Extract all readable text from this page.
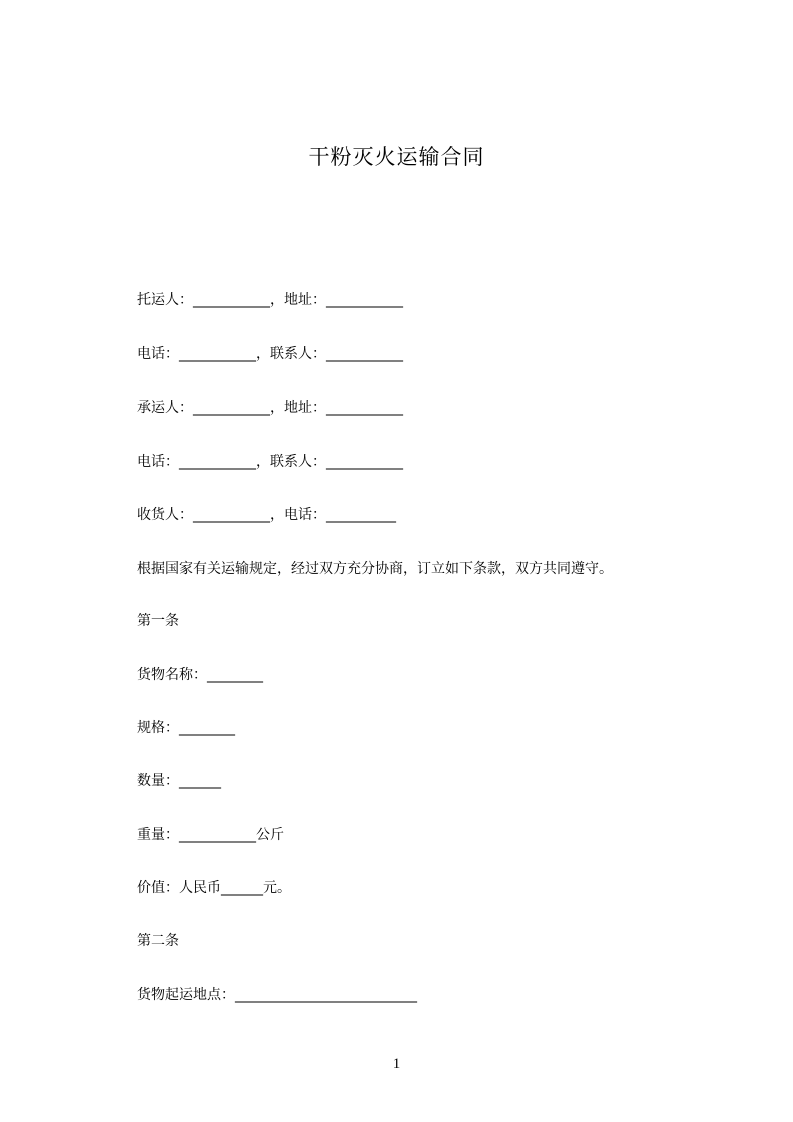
干粉灭火运输合同
托运人：___________，地址：___________
电话：___________，联系人：___________
承运人：___________，地址：___________
电话：___________，联系人：___________
收货人：___________，电话：__________
根据国家有关运输规定，经过双方充分协商，订立如下条款，双方共同遵守。
第一条
货物名称：________
规格：________
数量：______
重量：___________公斤
价值：人民币______元。
第二条
货物起运地点：__________________________
1
